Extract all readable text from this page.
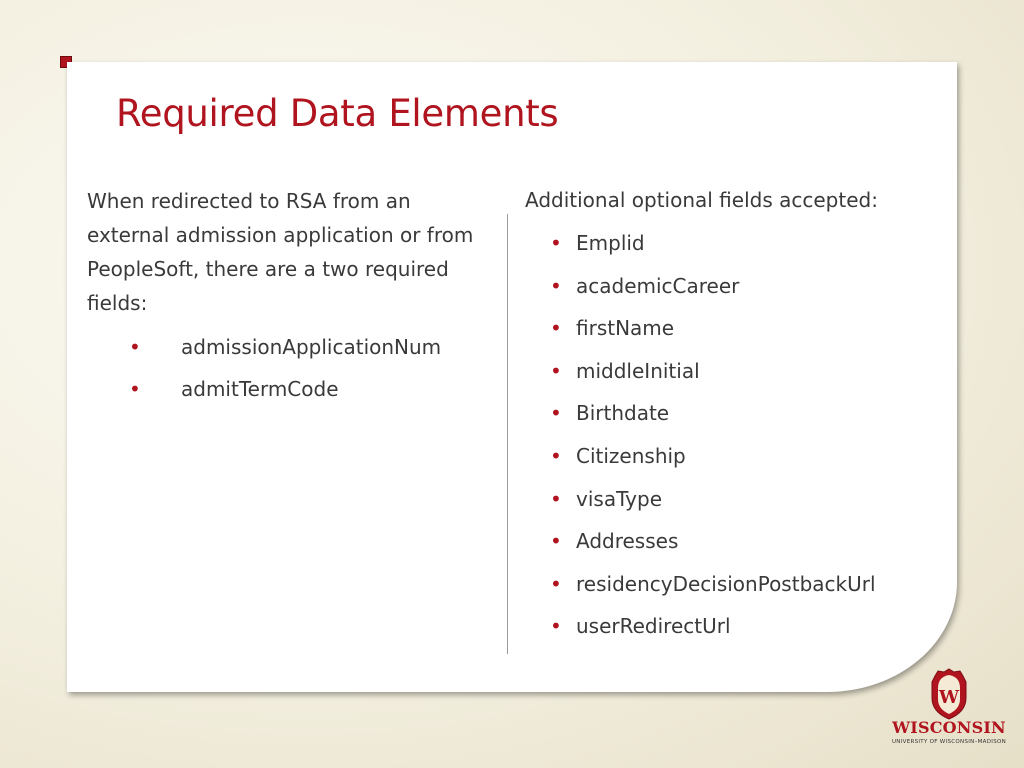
Required Data Elements

When redirected to RSA from an external admission application or from PeopleSoft, there are a two required fields:

• admissionApplicationNum
• admitTermCode

Additional optional fields accepted:

• Emplid
• academicCareer
• firstName
• middleInitial
• Birthdate
• Citizenship
• visaType
• Addresses
• residencyDecisionPostbackUrl
• userRedirectUrl
W
WISCONSIN
UNIVERSITY OF WISCONSIN–MADISON
